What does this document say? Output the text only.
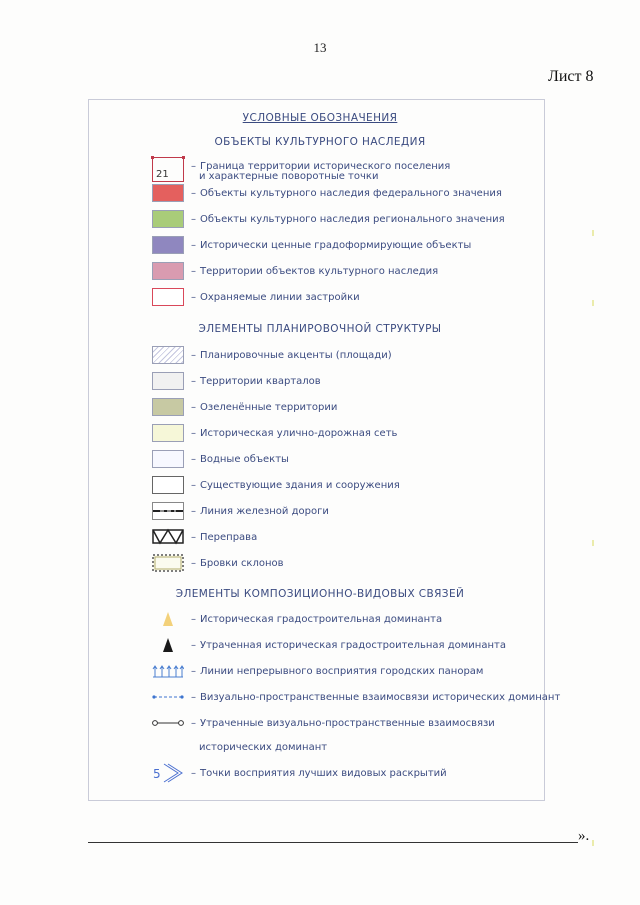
13
Лист 8
УСЛОВНЫЕ ОБОЗНАЧЕНИЯ
ОБЪЕКТЫ КУЛЬТУРНОГО НАСЛЕДИЯ
ЭЛЕМЕНТЫ ПЛАНИРОВОЧНОЙ СТРУКТУРЫ
ЭЛЕМЕНТЫ КОМПОЗИЦИОННО-ВИДОВЫХ СВЯЗЕЙ
21
– Граница территории исторического поселения
и характерные поворотные точки
– Объекты культурного наследия федерального значения
– Объекты культурного наследия регионального значения
– Исторически ценные градоформирующие объекты
– Территории объектов культурного наследия
– Охраняемые линии застройки
– Планировочные акценты (площади)
– Территории кварталов
– Озеленённые территории
– Историческая улично-дорожная сеть
– Водные объекты
– Существующие здания и сооружения
– Линия железной дороги
– Переправа
– Бровки склонов
– Историческая градостроительная доминанта
– Утраченная историческая градостроительная доминанта
– Линии непрерывного восприятия городских панорам
– Визуально-пространственные взаимосвязи исторических доминант
– Утраченные визуально-пространственные взаимосвязи
исторических доминант
5	– Точки восприятия лучших видовых раскрытий
».
